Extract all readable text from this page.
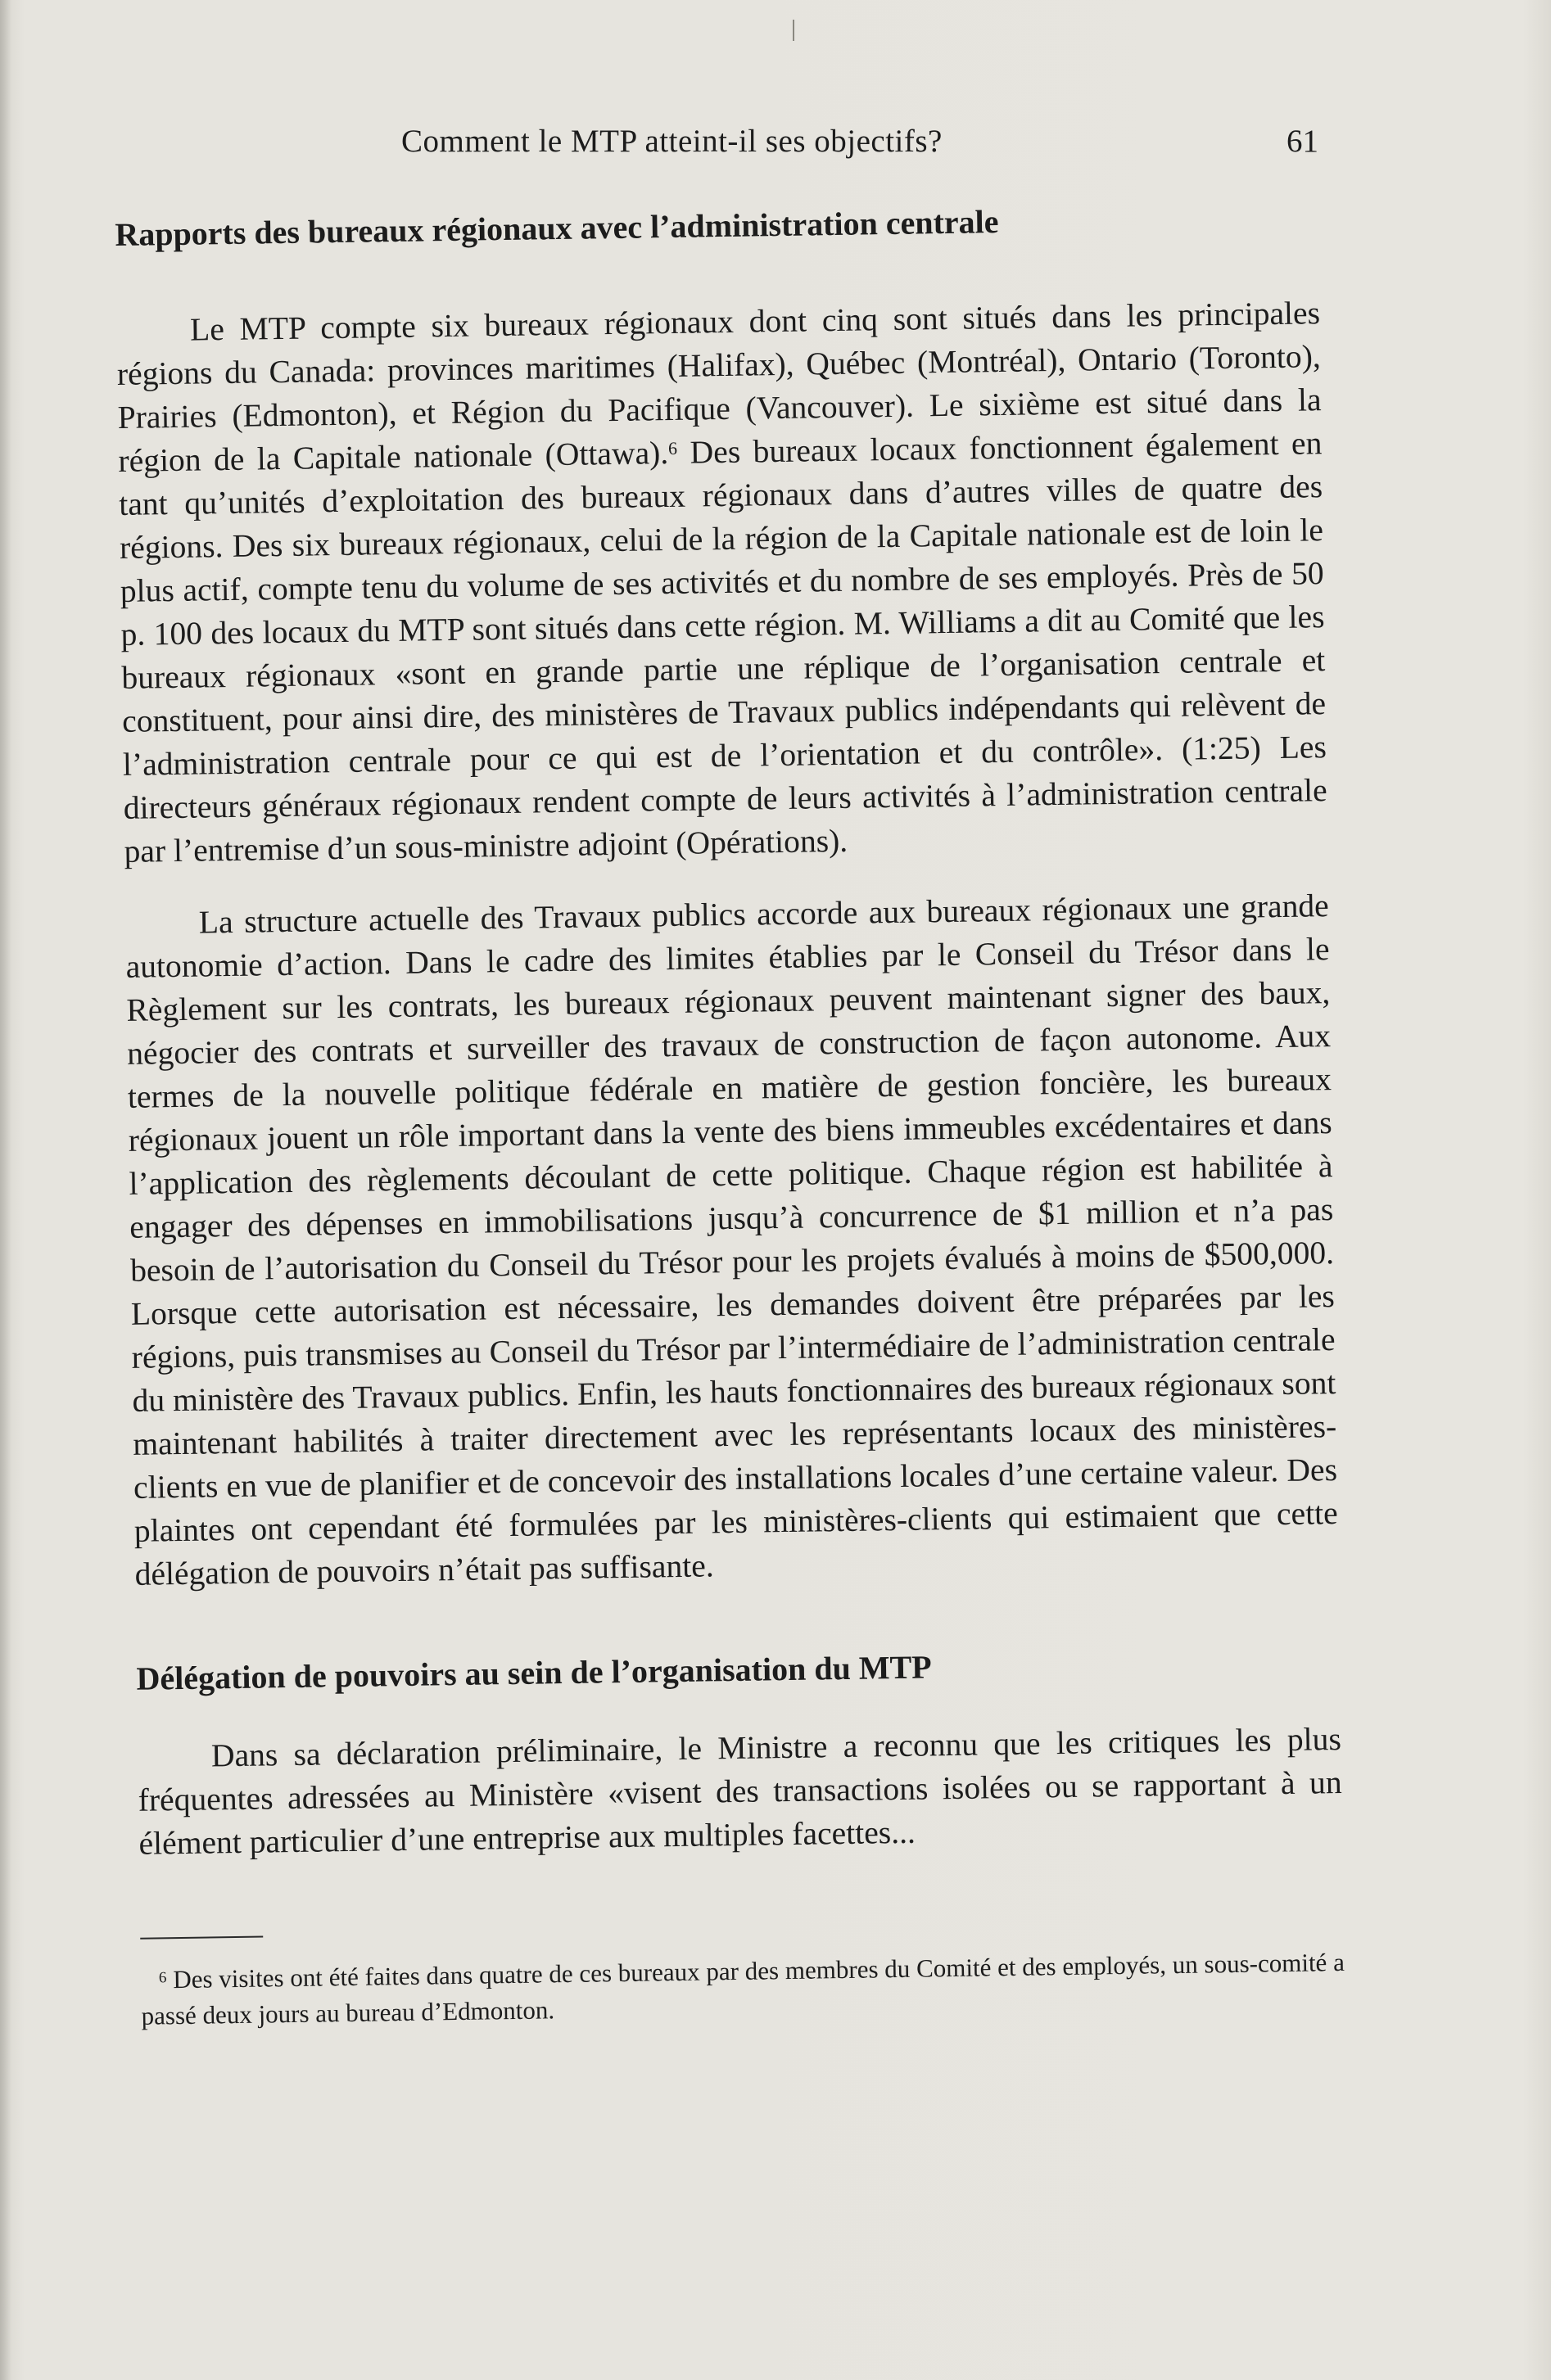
Comment le MTP atteint-il ses objectifs?	61
Rapports des bureaux régionaux avec l’administration centrale

Le MTP compte six bureaux régionaux dont cinq sont situés dans les principales régions du Canada: provinces maritimes (Halifax), Québec (Montréal), Ontario (Toronto), Prairies (Edmonton), et Région du Pacifique (Vancouver). Le sixième est situé dans la région de la Capitale nationale (Ottawa).$^6$ Des bureaux locaux fonctionnent également en tant qu’unités d’exploitation des bureaux régionaux dans d’autres villes de quatre des régions. Des six bureaux régionaux, celui de la région de la Capitale nationale est de loin le plus actif, compte tenu du volume de ses activités et du nombre de ses employés. Près de 50 p. 100 des locaux du MTP sont situés dans cette région. M. Williams a dit au Comité que les bureaux régionaux «sont en grande partie une réplique de l’organisation centrale et constituent, pour ainsi dire, des ministères de Travaux publics indépendants qui relèvent de l’administration centrale pour ce qui est de l’orientation et du contrôle». (1:25) Les directeurs généraux régionaux rendent compte de leurs activités à l’administration centrale par l’entremise d’un sous-ministre adjoint (Opérations).

La structure actuelle des Travaux publics accorde aux bureaux régionaux une grande autonomie d’action. Dans le cadre des limites établies par le Conseil du Trésor dans le Règlement sur les contrats, les bureaux régionaux peuvent maintenant signer des baux, négocier des contrats et surveiller des travaux de construction de façon autonome. Aux termes de la nouvelle politique fédérale en matière de gestion foncière, les bureaux régionaux jouent un rôle important dans la vente des biens immeubles excédentaires et dans l’application des règlements découlant de cette politique. Chaque région est habilitée à engager des dépenses en immobilisations jusqu’à concurrence de $1 million et n’a pas besoin de l’autorisation du Conseil du Trésor pour les projets évalués à moins de $500,000. Lorsque cette autorisation est nécessaire, les demandes doivent être préparées par les régions, puis transmises au Conseil du Trésor par l’intermédiaire de l’administration centrale du ministère des Travaux publics. Enfin, les hauts fonctionnaires des bureaux régionaux sont maintenant habilités à traiter directement avec les représentants locaux des ministères-clients en vue de planifier et de concevoir des installations locales d’une certaine valeur. Des plaintes ont cependant été formulées par les ministères-clients qui estimaient que cette délégation de pouvoirs n’était pas suffisante.

Délégation de pouvoirs au sein de l’organisation du MTP

Dans sa déclaration préliminaire, le Ministre a reconnu que les critiques les plus fréquentes adressées au Ministère «visent des transactions isolées ou se rapportant à un élément particulier d’une entreprise aux multiples facettes...

$^6$ Des visites ont été faites dans quatre de ces bureaux par des membres du Comité et des employés, un sous-comité a passé deux jours au bureau d’Edmonton.
